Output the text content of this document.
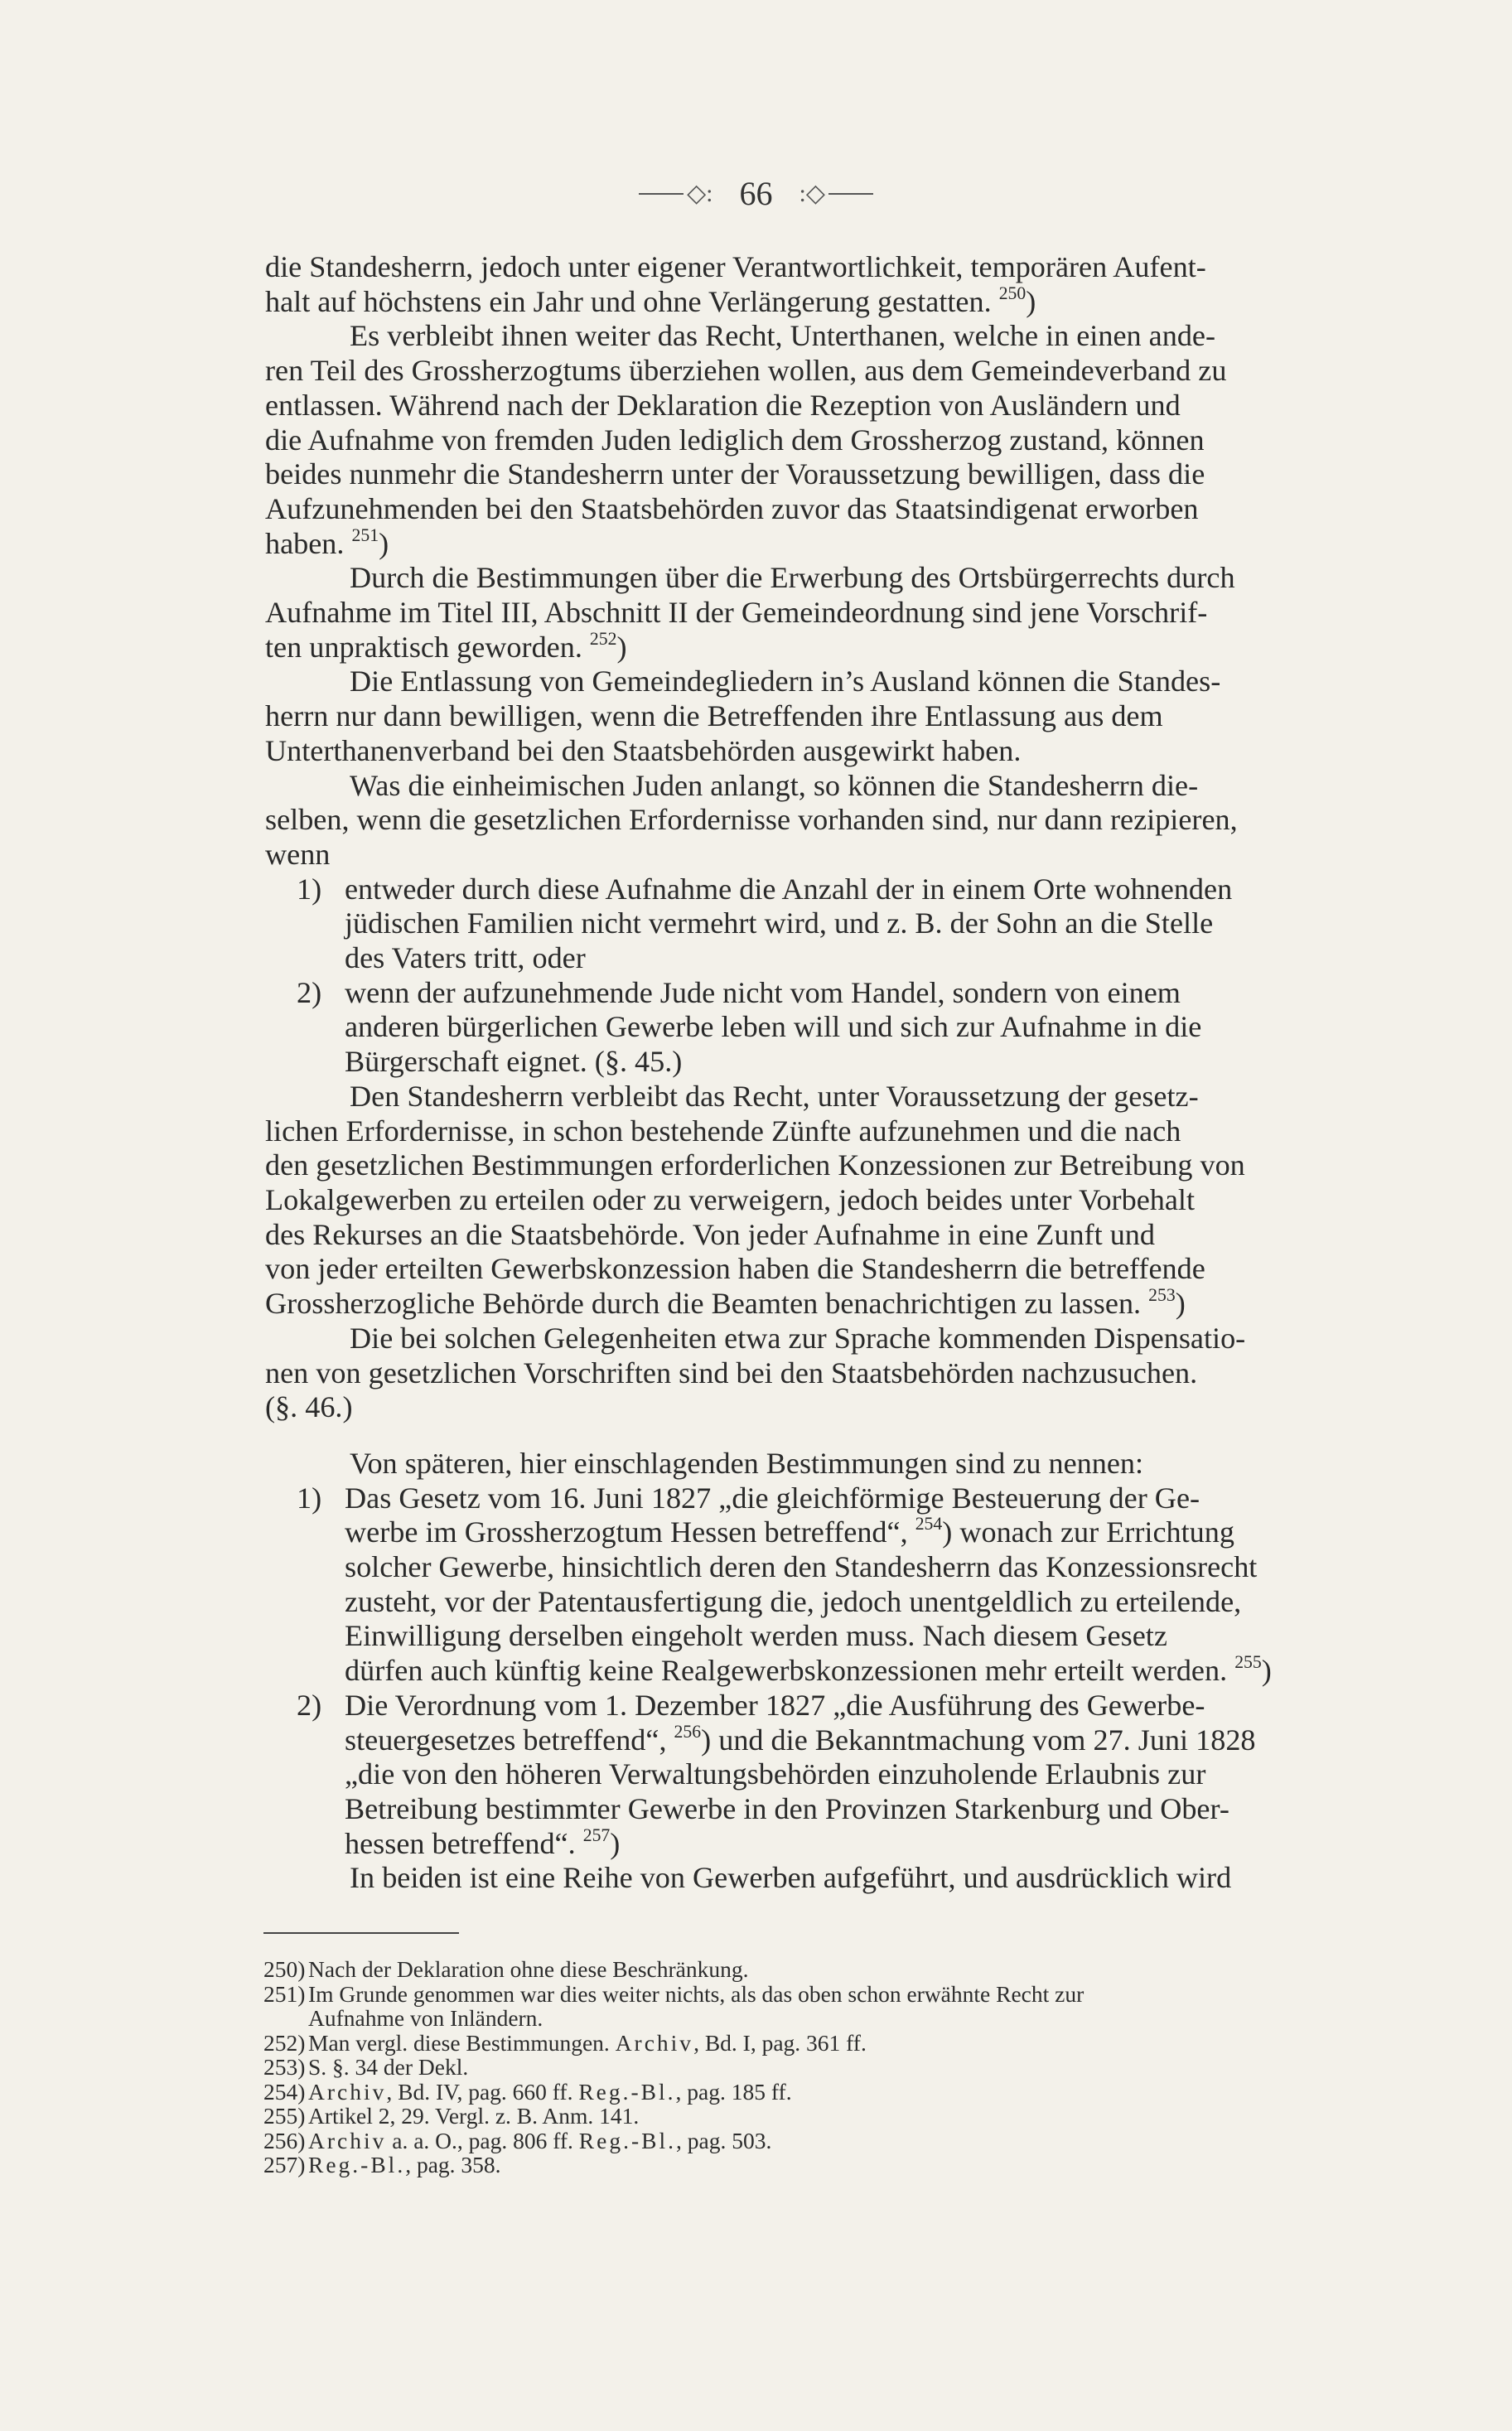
◇: 66 :◇

die Standesherrn, jedoch unter eigener Verantwortlichkeit, temporären Aufent-
halt auf höchstens ein Jahr und ohne Verlängerung gestatten. $^{250}$)

Es verbleibt ihnen weiter das Recht, Unterthanen, welche in einen ande-
ren Teil des Grossherzogtums überziehen wollen, aus dem Gemeindeverband zu
entlassen. Während nach der Deklaration die Rezeption von Ausländern und
die Aufnahme von fremden Juden lediglich dem Grossherzog zustand, können
beides nunmehr die Standesherrn unter der Voraussetzung bewilligen, dass die
Aufzunehmenden bei den Staatsbehörden zuvor das Staatsindigenat erworben
haben. $^{251}$)

Durch die Bestimmungen über die Erwerbung des Ortsbürgerrechts durch
Aufnahme im Titel III, Abschnitt II der Gemeindeordnung sind jene Vorschrif-
ten unpraktisch geworden. $^{252}$)

Die Entlassung von Gemeindegliedern in’s Ausland können die Standes-
herrn nur dann bewilligen, wenn die Betreffenden ihre Entlassung aus dem
Unterthanenverband bei den Staatsbehörden ausgewirkt haben.

Was die einheimischen Juden anlangt, so können die Standesherrn die-
selben, wenn die gesetzlichen Erfordernisse vorhanden sind, nur dann rezipieren,
wenn

1) entweder durch diese Aufnahme die Anzahl der in einem Orte wohnenden
jüdischen Familien nicht vermehrt wird, und z. B. der Sohn an die Stelle
des Vaters tritt, oder

2) wenn der aufzunehmende Jude nicht vom Handel, sondern von einem
anderen bürgerlichen Gewerbe leben will und sich zur Aufnahme in die
Bürgerschaft eignet. (§. 45.)

Den Standesherrn verbleibt das Recht, unter Voraussetzung der gesetz-
lichen Erfordernisse, in schon bestehende Zünfte aufzunehmen und die nach
den gesetzlichen Bestimmungen erforderlichen Konzessionen zur Betreibung von
Lokalgewerben zu erteilen oder zu verweigern, jedoch beides unter Vorbehalt
des Rekurses an die Staatsbehörde. Von jeder Aufnahme in eine Zunft und
von jeder erteilten Gewerbskonzession haben die Standesherrn die betreffende
Grossherzogliche Behörde durch die Beamten benachrichtigen zu lassen. $^{253}$)

Die bei solchen Gelegenheiten etwa zur Sprache kommenden Dispensatio-
nen von gesetzlichen Vorschriften sind bei den Staatsbehörden nachzusuchen.
(§. 46.)

Von späteren, hier einschlagenden Bestimmungen sind zu nennen:

1) Das Gesetz vom 16. Juni 1827 „die gleichförmige Besteuerung der Ge-
werbe im Grossherzogtum Hessen betreffend“, $^{254}$) wonach zur Errichtung
solcher Gewerbe, hinsichtlich deren den Standesherrn das Konzessionsrecht
zusteht, vor der Patentausfertigung die, jedoch unentgeldlich zu erteilende,
Einwilligung derselben eingeholt werden muss. Nach diesem Gesetz
dürfen auch künftig keine Realgewerbskonzessionen mehr erteilt werden. $^{255}$)

2) Die Verordnung vom 1. Dezember 1827 „die Ausführung des Gewerbe-
steuergesetzes betreffend“, $^{256}$) und die Bekanntmachung vom 27. Juni 1828
„die von den höheren Verwaltungsbehörden einzuholende Erlaubnis zur
Betreibung bestimmter Gewerbe in den Provinzen Starkenburg und Ober-
hessen betreffend“. $^{257}$)

In beiden ist eine Reihe von Gewerben aufgeführt, und ausdrücklich wird

250) Nach der Deklaration ohne diese Beschränkung.
251) Im Grunde genommen war dies weiter nichts, als das oben schon erwähnte Recht zur
Aufnahme von Inländern.
252) Man vergl. diese Bestimmungen. Archiv, Bd. I, pag. 361 ff.
253) S. §. 34 der Dekl.
254) Archiv, Bd. IV, pag. 660 ff. Reg.-Bl., pag. 185 ff.
255) Artikel 2, 29. Vergl. z. B. Anm. 141.
256) Archiv a. a. O., pag. 806 ff. Reg.-Bl., pag. 503.
257) Reg.-Bl., pag. 358.
